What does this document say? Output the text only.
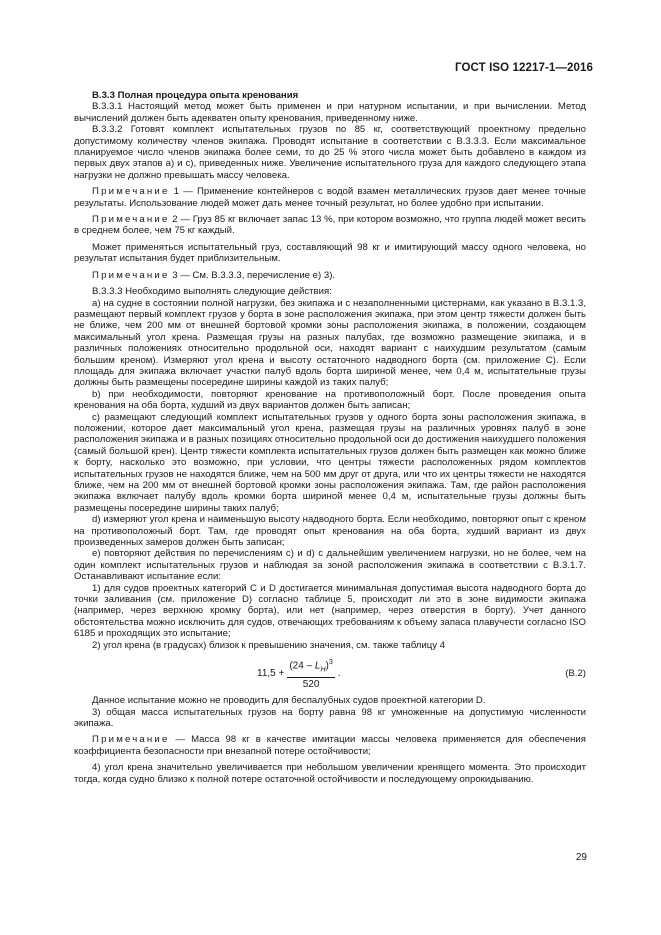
ГОСТ ISO 12217-1—2016

B.3.3 Полная процедура опыта кренования

B.3.3.1 Настоящий метод может быть применен и при натурном испытании, и при вычислении. Метод вычислений должен быть адекватен опыту кренования, приведенному ниже.

B.3.3.2 Готовят комплект испытательных грузов по 85 кг, соответствующий проектному предельно допустимому количеству членов экипажа. Проводят испытание в соответствии с B.3.3.3. Если максимальное планируемое число членов экипажа более семи, то до 25 % этого числа может быть добавлено в каждом из первых двух этапов а) и с), приведенных ниже. Увеличение испытательного груза для каждого следующего этапа нагрузки не должно превышать массу человека.

Примечание 1 — Применение контейнеров с водой взамен металлических грузов дает менее точные результаты. Использование людей может дать менее точный результат, но более удобно при испытании.

Примечание 2 — Груз 85 кг включает запас 13 %, при котором возможно, что группа людей может весить в среднем более, чем 75 кг каждый.

Может применяться испытательный груз, составляющий 98 кг и имитирующий массу одного человека, но результат испытания будет приблизительным.

Примечание 3 — См. B.3.3.3, перечисление е) 3).

B.3.3.3 Необходимо выполнять следующие действия:

а) на судне в состоянии полной нагрузки, без экипажа и с незаполненными цистернами, как указано в B.3.1.3, размещают первый комплект грузов у борта в зоне расположения экипажа, при этом центр тяжести должен быть не ближе, чем 200 мм от внешней бортовой кромки зоны расположения экипажа, в положении, создающем максимальный угол крена. Размещая грузы на разных палубах, где возможно размещение экипажа, и в различных положениях относительно продольной оси, находят вариант с наихудшим результатом (самым большим креном). Измеряют угол крена и высоту остаточного надводного борта (см. приложение С). Если площадь для экипажа включает участки палуб вдоль борта шириной менее, чем 0,4 м, испытательные грузы должны быть размещены посередине ширины каждой из таких палуб;

b) при необходимости, повторяют кренование на противоположный борт. После проведения опыта кренования на оба борта, худший из двух вариантов должен быть записан;

с) размещают следующий комплект испытательных грузов у одного борта зоны расположения экипажа, в положении, которое дает максимальный угол крена, размещая грузы на различных уровнях палуб в зоне расположения экипажа и в разных позициях относительно продольной оси до достижения наихудшего положения (самый большой крен). Центр тяжести комплекта испытательных грузов должен быть размещен как можно ближе к борту, насколько это возможно, при условии, что центры тяжести расположенных рядом комплектов испытательных грузов не находятся ближе, чем на 500 мм друг от друга, или что их центры тяжести не находятся ближе, чем на 200 мм от внешней бортовой кромки зоны расположения экипажа. Там, где район расположения экипажа включает палубу вдоль кромки борта шириной менее 0,4 м, испытательные грузы должны быть размещены посередине ширины таких палуб;

d) измеряют угол крена и наименьшую высоту надводного борта. Если необходимо, повторяют опыт с креном на противоположный борт. Там, где проводят опыт кренования на оба борта, худший вариант из двух произведенных замеров должен быть записан;

е) повторяют действия по перечислениям с) и d) с дальнейшим увеличением нагрузки, но не более, чем на один комплект испытательных грузов и наблюдая за зоной расположения экипажа в соответствии с B.3.1.7. Останавливают испытание если:

1) для судов проектных категорий С и D достигается минимальная допустимая высота надводного борта до точки заливания (см. приложение D) согласно таблице 5, происходит ли это в зоне видимости экипажа (например, через верхнюю кромку борта), или нет (например, через отверстия в борту). Учет данного обстоятельства можно исключить для судов, отвечающих требованиям к объему запаса плавучести согласно ISO 6185 и проходящих это испытание;

2) угол крена (в градусах) близок к превышению значения, см. также таблицу 4

$11,5 + \frac{(24 - L_H)^3}{520}$ .	(B.2)

Данное испытание можно не проводить для беспалубных судов проектной категории D.

3) общая масса испытательных грузов на борту равна 98 кг умноженные на допустимую численности экипажа.

Примечание — Масса 98 кг в качестве имитации массы человека применяется для обеспечения коэффициента безопасности при внезапной потере остойчивости;

4) угол крена значительно увеличивается при небольшом увеличении кренящего момента. Это происходит тогда, когда судно близко к полной потере остаточной остойчивости и последующему опрокидыванию.

29
